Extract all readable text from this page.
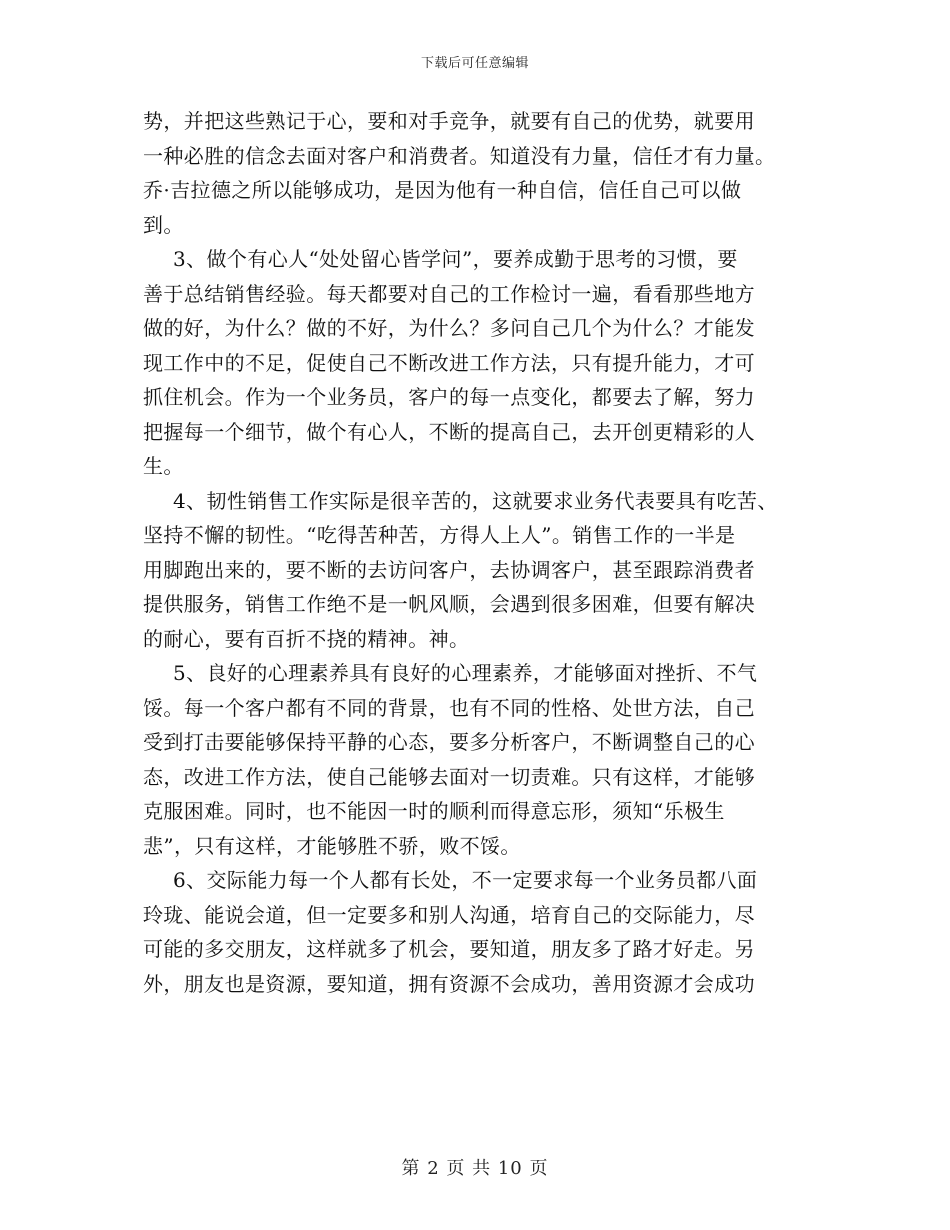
下载后可任意编辑
势，并把这些熟记于心，要和对手竞争，就要有自己的优势，就要用
一种必胜的信念去面对客户和消费者。知道没有力量，信任才有力量。
乔·吉拉德之所以能够成功，是因为他有一种自信，信任自己可以做
到。
3、做个有心人“处处留心皆学问”，要养成勤于思考的习惯，要
善于总结销售经验。每天都要对自己的工作检讨一遍，看看那些地方
做的好，为什么？做的不好，为什么？多问自己几个为什么？才能发
现工作中的不足，促使自己不断改进工作方法，只有提升能力，才可
抓住机会。作为一个业务员，客户的每一点变化，都要去了解，努力
把握每一个细节，做个有心人，不断的提高自己，去开创更精彩的人
生。
4、韧性销售工作实际是很辛苦的，这就要求业务代表要具有吃苦、
坚持不懈的韧性。“吃得苦种苦，方得人上人”。销售工作的一半是
用脚跑出来的，要不断的去访问客户，去协调客户，甚至跟踪消费者
提供服务，销售工作绝不是一帆风顺，会遇到很多困难，但要有解决
的耐心，要有百折不挠的精神。神。
5、良好的心理素养具有良好的心理素养，才能够面对挫折、不气
馁。每一个客户都有不同的背景，也有不同的性格、处世方法，自己
受到打击要能够保持平静的心态，要多分析客户，不断调整自己的心
态，改进工作方法，使自己能够去面对一切责难。只有这样，才能够
克服困难。同时，也不能因一时的顺利而得意忘形，须知“乐极生
悲”，只有这样，才能够胜不骄，败不馁。
6、交际能力每一个人都有长处，不一定要求每一个业务员都八面
玲珑、能说会道，但一定要多和别人沟通，培育自己的交际能力，尽
可能的多交朋友，这样就多了机会，要知道，朋友多了路才好走。另
外，朋友也是资源，要知道，拥有资源不会成功，善用资源才会成功
第 2 页 共 10 页
